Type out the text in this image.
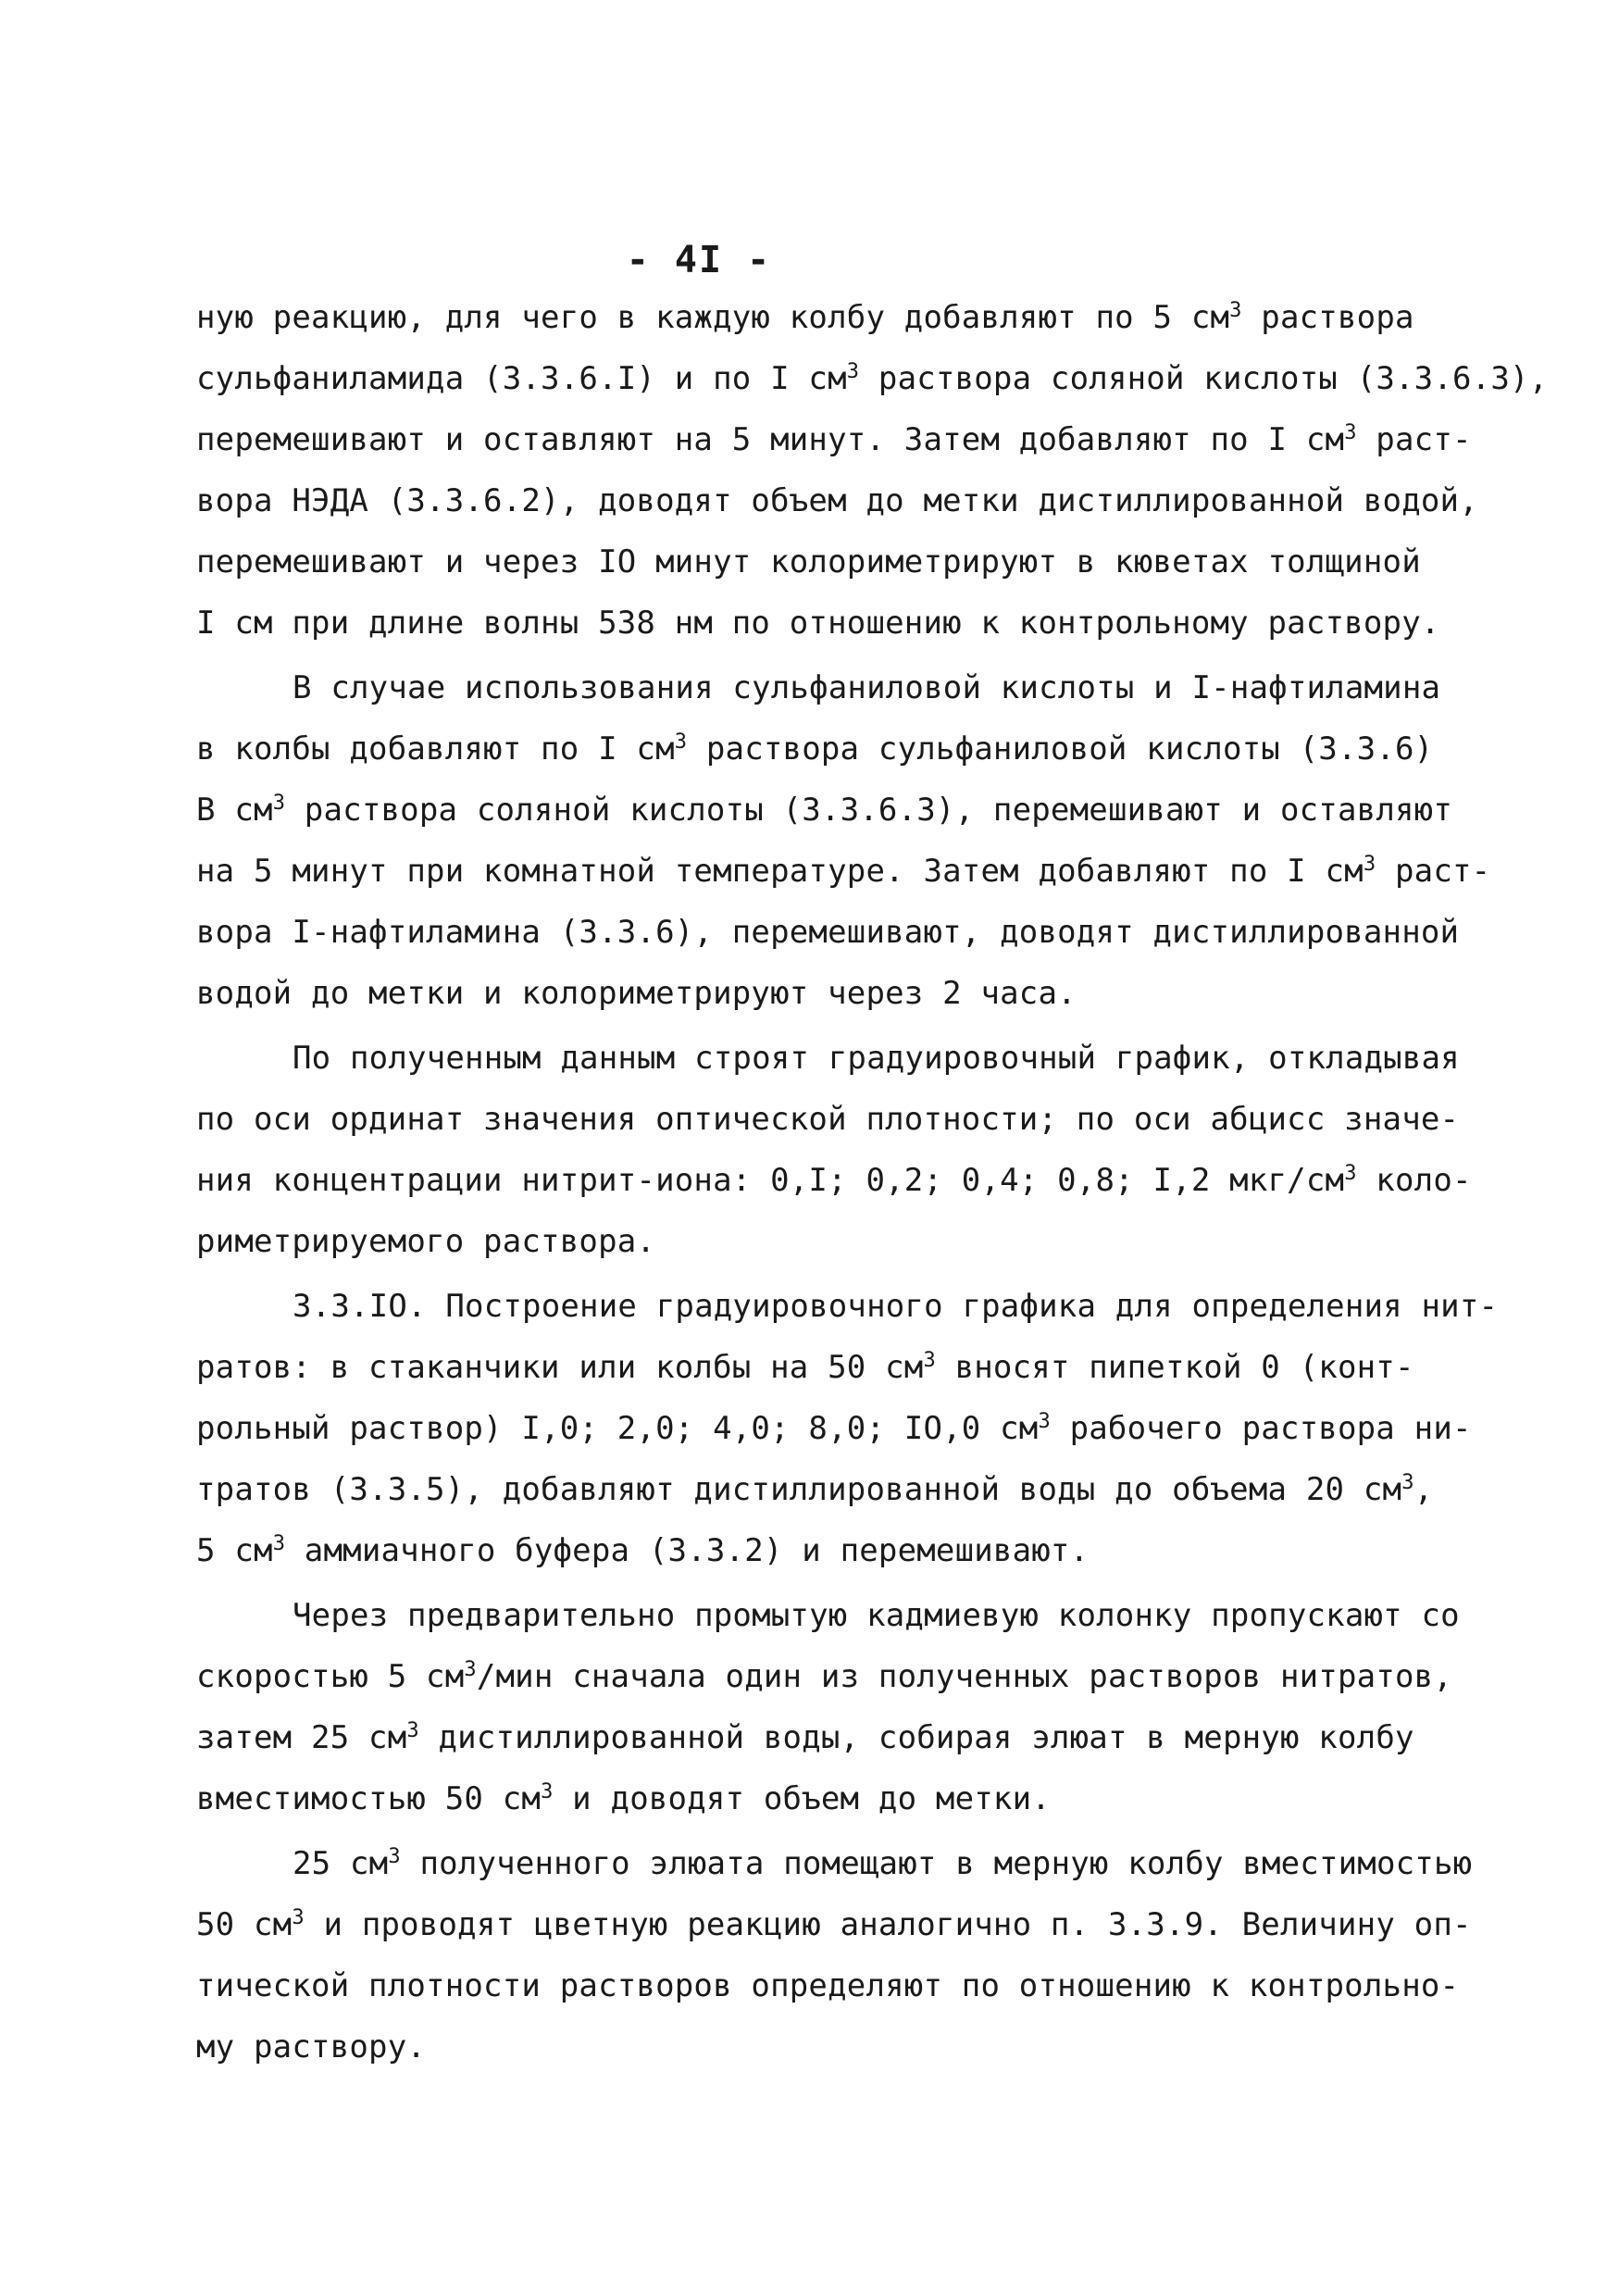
- 4I -
ную реакцию, для чего в каждую колбу добавляют по 5 $см^3$ раствора
сульфаниламида (3.3.6.I) и по I $см^3$ раствора соляной кислоты (3.3.6.3),
перемешивают и оставляют на 5 минут. Затем добавляют по I $см^3$ раст-
вора НЭДА (3.3.6.2), доводят объем до метки дистиллированной водой,
перемешивают и через IO минут колориметрируют в кюветах толщиной
I см при длине волны 538 нм по отношению к контрольному раствору.
В случае использования сульфаниловой кислоты и I-нафтиламина
в колбы добавляют по I $см^3$ раствора сульфаниловой кислоты (3.3.6)
В $см^3$ раствора соляной кислоты (3.3.6.3), перемешивают и оставляют
на 5 минут при комнатной температуре. Затем добавляют по I $см^3$ раст-
вора I-нафтиламина (3.3.6), перемешивают, доводят дистиллированной
водой до метки и колориметрируют через 2 часа.
По полученным данным строят градуировочный график, откладывая
по оси ординат значения оптической плотности; по оси абцисс значе-
ния концентрации нитрит-иона: 0,I; 0,2; 0,4; 0,8; I,2 мкг/$см^3$ коло-
риметрируемого раствора.
3.3.IO. Построение градуировочного графика для определения нит-
ратов: в стаканчики или колбы на 50 $см^3$ вносят пипеткой 0 (конт-
рольный раствор) I,0; 2,0; 4,0; 8,0; IO,0 $см^3$ рабочего раствора ни-
тратов (3.3.5), добавляют дистиллированной воды до объема 20 $см^3$,
5 $см^3$ аммиачного буфера (3.3.2) и перемешивают.
Через предварительно промытую кадмиевую колонку пропускают со
скоростью 5 $см^3$/мин сначала один из полученных растворов нитратов,
затем 25 $см^3$ дистиллированной воды, собирая элюат в мерную колбу
вместимостью 50 $см^3$ и доводят объем до метки.
25 $см^3$ полученного элюата помещают в мерную колбу вместимостью
50 $см^3$ и проводят цветную реакцию аналогично п. 3.3.9. Величину оп-
тической плотности растворов определяют по отношению к контрольно-
му раствору.
